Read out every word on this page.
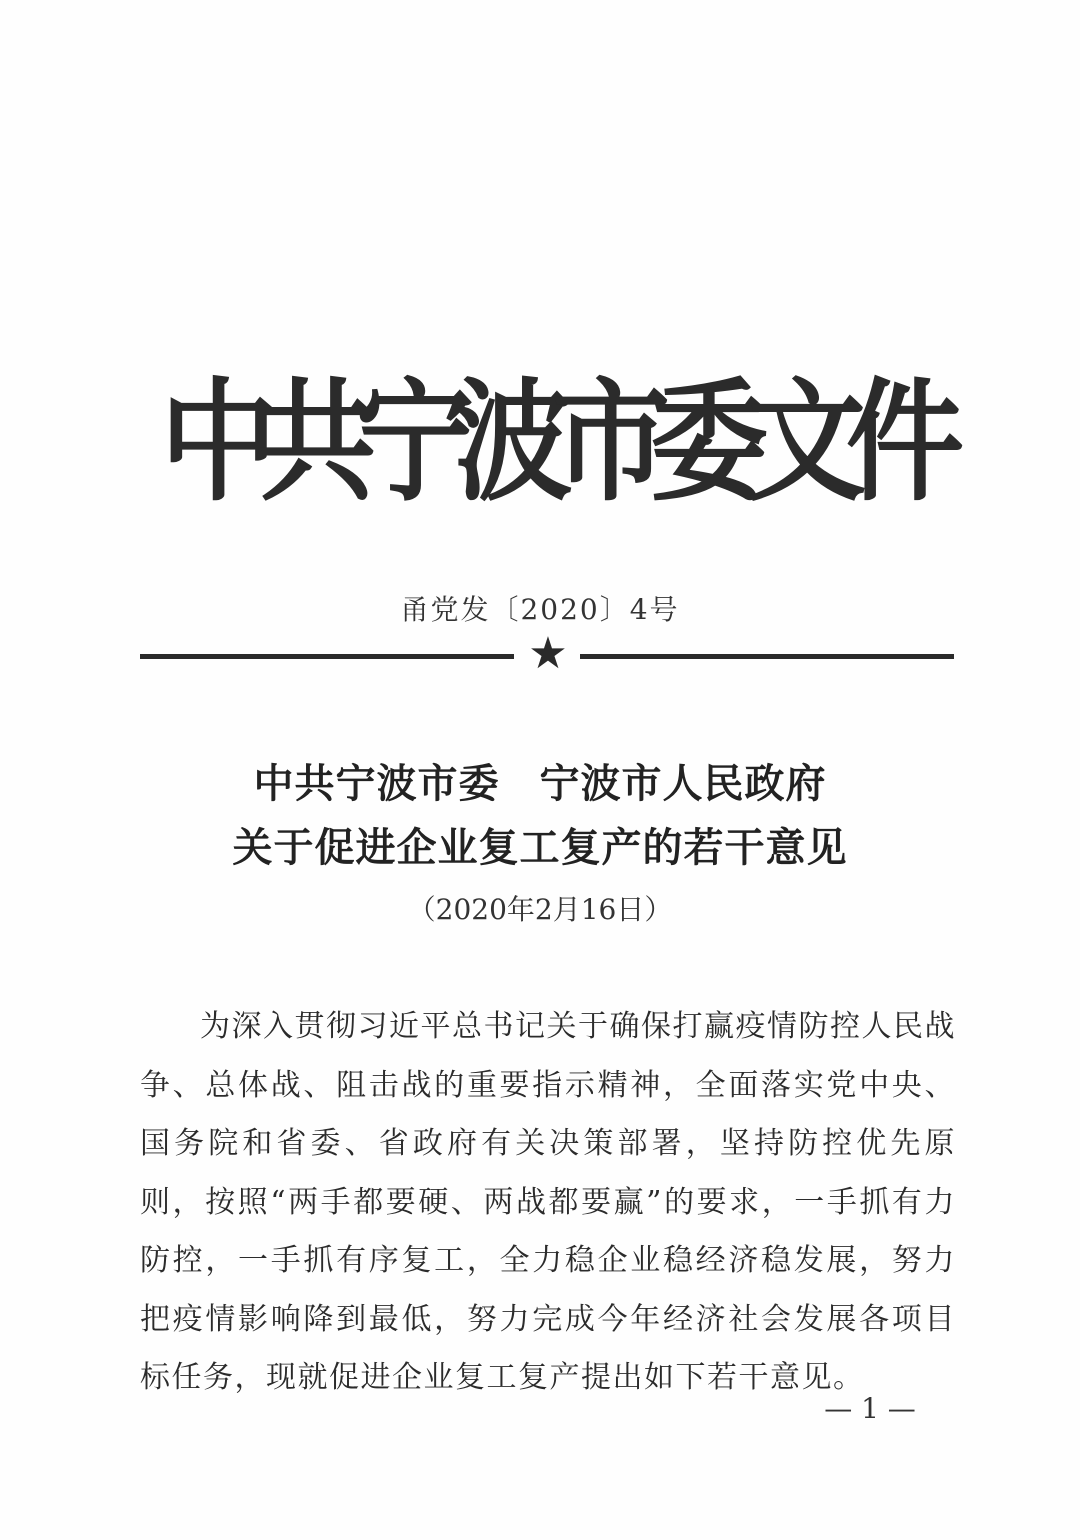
中
共
宁
波
市
委
文
件
甬党发〔2020〕4号
★
中共宁波市委 宁波市人民政府
关于促进企业复工复产的若干意见
（2020年2月16日）
为深入贯彻习近平总书记关于确保打赢疫情防控人民战争、总体战、阻击战的重要指示精神，全面落实党中央、国务院和省委、省政府有关决策部署，坚持防控优先原则，按照“两手都要硬、两战都要赢”的要求，一手抓有力防控，一手抓有序复工，全力稳企业稳经济稳发展，努力把疫情影响降到最低，努力完成今年经济社会发展各项目标任务，现就促进企业复工复产提出如下若干意见。
— 1 —
